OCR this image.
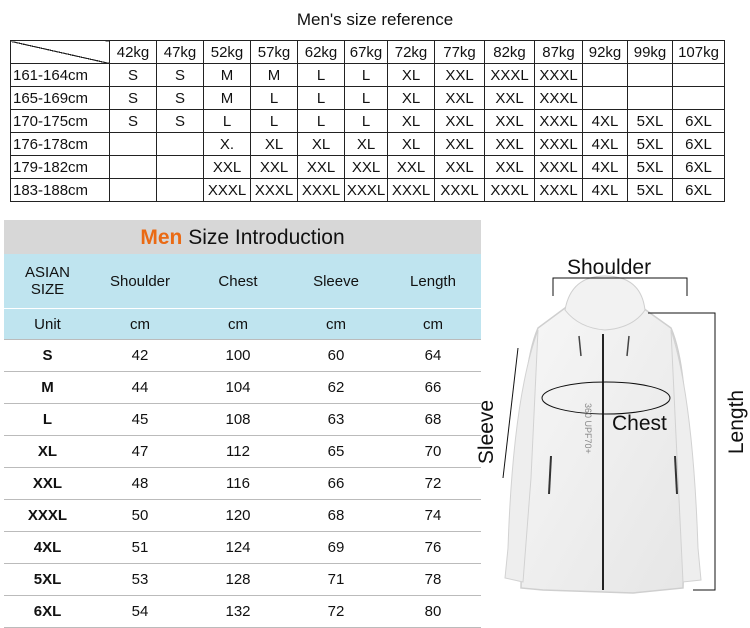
Men's size reference
	42kg	47kg	52kg	57kg	62kg	67kg	72kg	77kg	82kg	87kg	92kg	99kg	107kg
161-164cm	S	S	M	M	L	L	XL	XXL	XXXL	XXXL			
165-169cm	S	S	M	L	L	L	XL	XXL	XXL	XXXL			
170-175cm	S	S	L	L	L	L	XL	XXL	XXL	XXXL	4XL	5XL	6XL
176-178cm			X.	XL	XL	XL	XL	XXL	XXL	XXXL	4XL	5XL	6XL
179-182cm			XXL	XXL	XXL	XXL	XXL	XXL	XXL	XXXL	4XL	5XL	6XL
183-188cm			XXXL	XXXL	XXXL	XXXL	XXXL	XXXL	XXXL	XXXL	4XL	5XL	6XL
Men Size Introduction
ASIAN SIZE	Shoulder	Chest	Sleeve	Length
Unit	cm	cm	cm	cm
S	42	100	60	64
M	44	104	62	66
L	45	108	63	68
XL	47	112	65	70
XXL	48	116	66	72
XXXL	50	120	68	74
4XL	51	124	69	76
5XL	53	128	71	78
6XL	54	132	72	80
360 UPF70+
Shoulder
Chest
Sleeve	Length
